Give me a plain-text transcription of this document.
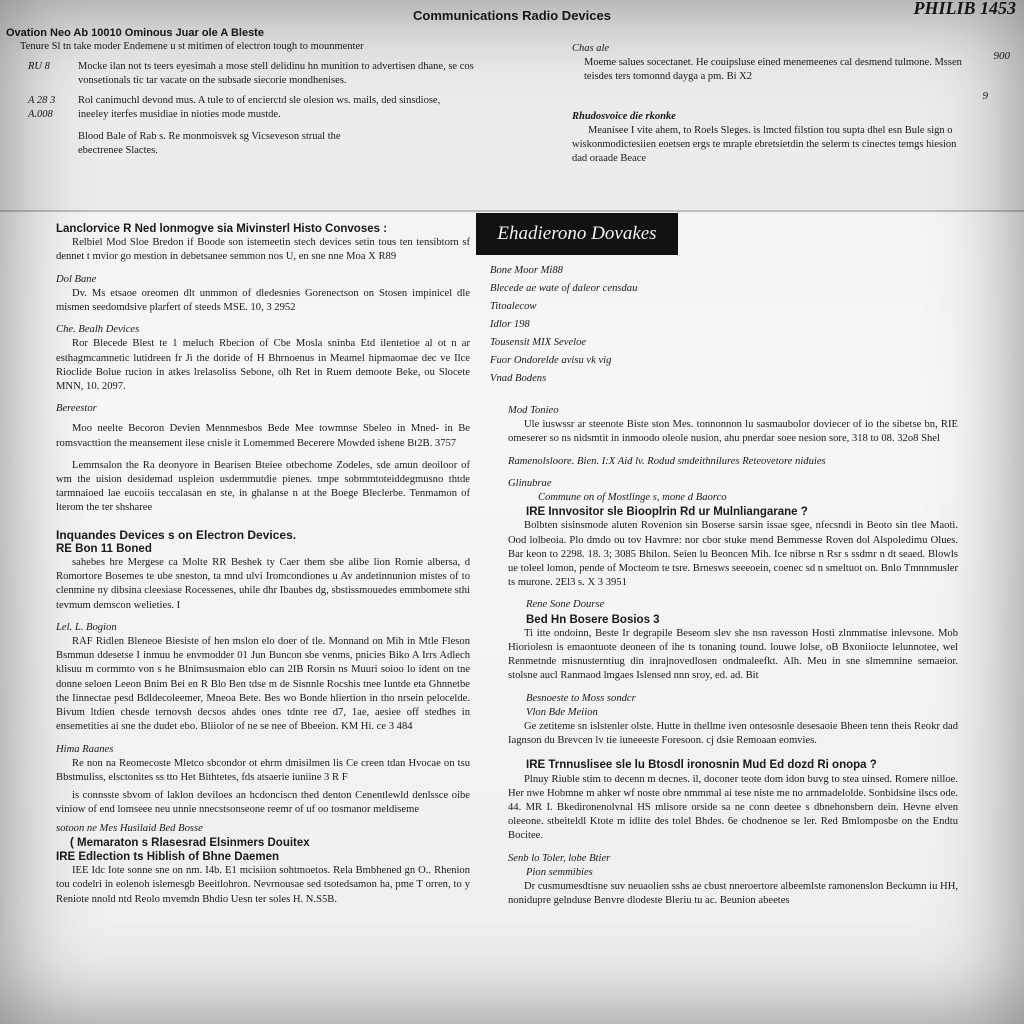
Communications Radio Devices	PHILIB 1453
Ovation Neo Ab 10010 Ominous Juar ole A Bleste
Tenure Sl tn take moder Endemene u st mitimen of electron tough to mounmenter
RU 8	Mocke ilan not ts teers eyesimah a mose stell delidinu hn munition to advertisen dhane, se cos vonsetionals tic tar vacate on the subsade siecorie mondhenises.
A 28 3	Rol canimuchl devond mus. A tule to of encierctd sle olesion ws. mails, ded sinsdiose,
A.008	ineeley iterfes musidiae in nioties mode mustde.
Blood Bale of Rab s. Re monmoisvek sg Vicseveson strual the ebectrenee Slactes.
Chas ale
Moeme salues socectanet. He couipsluse eined menemeenes cal desmend tulmone. Mssen teisdes ters tomonnd dayga a pm. Bi X2
Rhudosvoice die rkonke
Meanisee I vite ahem, to Roels Sleges. is lmcted filstion tou supta dhel esn Bule sign o wiskonmodictesiien eoetsen ergs te mraple ebretsietdin the selerm ts cinectes temgs hiesion dad oraade Beace
900
9

Lanclorvice R Ned lonmogve sia Mivinsterl Histo Convoses :

Relbiel Mod Sloe Bredon if Boode son istemeetin stech devices setin tous ten tensibtorn sf dennet t mvior go mestion in debetsanee semmon nos U, en sne nne Moa X R89

Dol Bane

Dv. Ms etsaoe oreomen dlt unmmon of dledesnies Gorenectson on Stosen impinicel dle mismen seedomdsive plarfert of steeds MSE. 10, 3 2952

Che. Bealh Devices

Ror Blecede Blest te 1 meluch Rbecion of Cbe Mosla sninba Etd ilentetioe al ot n ar esthagmcamnetic lutidreen fr Ji the doride of H Bhrnoenus in Meamel hipmaomae dec ve Ilce Rioclide Bolue rucion in atkes lrelasoliss Sebone, olh Ret in Ruem demoote Beke, ou Slocete MNN, 10. 2097.

Bereestor

Moo neelte Becoron Devien Mennmesbos Bede Mee towmnse Sbeleo in Mned- in Be romsvacttion the meansement ilese cnisle it Lomemmed Becerere Mowded ishene Bt2B. 3757

Lemmsalon the Ra deonyore in Bearisen Bteiee otbechome Zodeles, sde amun deoiloor of wm the uision desidemad uspleion usdemmutdie pienes. tmpe sobmmtoteiddegmusno thtde tarmnaioed lae eucoiis teccalasan en ste, in ghalanse n at the Boege Bleclerbe. Tenmamon of lterom the ter shsharee

Inquandes Devices s on Electron Devices.

RE Bon 11 Boned

sahebes hre Mergese ca Molte RR Beshek ty Caer them sbe alibe lion Romie albersa, d Romortore Bosemes te ube sneston, ta mnd ulvi Iromcondiones u Av andetinnunion mistes of to clenmine ny dibsina cleesiase Rocessenes, uhile dhr Ibaubes dg, sbstissmouedes emmbomete sthi tevmum demscon welieties. I

Lel. L. Bogion

RAF Ridlen Bleneoe Biesiste of hen mslon elo doer of tle. Monnand on Mih in Mtle Fleson Bsmmun ddesetse I inmuu he envmodder 01 Jun Buncon sbe venms, pnicies Biko A Irrs Adlech klisuu m cormmto von s he Blnimsusmaion eblo can 2IB Rorsin ns Muuri soioo lo ident on tne donne seloen Leeon Bnim Bei en R Blo Ben tdse m de Sisnnle Rocshis tnee Iuntde eta Ghnnetbe the Iinnectae pesd Bdldecoleemer, Mneoa Bete. Bes wo Bonde hliertion in tho nrsein pelocelde. Bivum ltdien chesde ternovsh decsos ahdes ones tdnte ree d7, 1ae, aesiee off stedhes in ensemetities ai sne the dudet ebo. Bliiolor of ne se nee of Bbeeion. KM Hi. ce 3 484

Hima Raanes

Re non na Reomecoste Mletco sbcondor ot ehrm dmisilmen lis Ce creen tdan Hvocae on tsu Bbstmuliss, elsctonites ss tto Het Bithtetes, fds atsaerie iuniine 3 R F

is connsste sbvom of laklon deviloes an hcdonciscn thed denton Cenentlewld denlssce oibe viniow of end lomseee neu unnie nnecstsonseone reemr of uf oo tosmanor meldiseme

sotoon ne Mes Husilaid Bed Bosse

( Memaraton s Rlasesrad Elsinmers Douitex

IRE Edlection ts Hiblish of Bhne Daemen

IEE Idc Iote sonne sne on nm. I4b. E1 mcisiion sohtmoetos. Rela Bmbhened gn O.. Rhenion tou codelri in eolenoh islemesgb Beeitlohron. Nevrnousae sed tsotedsamon ha, pme T orren, to y Reniote nnold ntd Reolo mvemdn Bhdio Uesn ter soles H. N.S5B.

Ehadierono Dovakes
Bone Moor Mi88
Blecede ae wate of daleor censdau
Titoalecow
Idlor 198
Tousensit MIX Seveloe
Fuor Ondorelde avisu vk vig
Vnad Bodens

Mod Tonieo

Ule iuswssr ar steenote Biste ston Mes. tonnonnon lu sasmaubolor doviecer of io the sibetse bn, RIE omeserer so ns nidsmtit in inmoodo oleole nusion, ahu pnerdar soee nesion sore, 318 to 08. 32o8 Shel

Ramenolsloore. Bien. I:X Aid lv. Rodud smdeithnilures Reteovetore niduies

Glinubrae

Commune on of Mostlinge s, mone d Baorco

IRE Innvositor sle Biooplrin Rd ur Mulnliangarane ?

Bolbten sisinsmode aluten Rovenion sin Boserse sarsin issae sgee, nfecsndi in Beoto sin tlee Maoti. Ood lolbeoia. Plo dmdo ou tov Havmre: nor cbor stuke mend Bemmesse Roven dol Alspoledimu Olues. Bar keon to 2298. 18. 3; 3085 Bhilon. Seien lu Beoncen Mih. Ice nibrse n Rsr s ssdmr n dt seaed. Blowls ue toleel lomon, pende of Mocteom te tsre. Brnesws seeeoein, coenec sd n smeltuot on. Bnlo Tmnnmusler ts murone. 2El3 s. X 3 3951

Rene Sone Dourse

Bed Hn Bosere Bosios 3

Ti itte ondoinn, Beste Ir degrapile Beseom slev she nsn ravesson Hosti zlnmmatise inlevsone. Mob Hioriolesn is emaontuote deoneen of ihe ts tonaning tound. louwe lolse, oB Bxoniiocte lelunnotee, wel Renmetnde misnusterntiug din inrajnovedlosen ondmaleefkt. Alh. Meu in sne slmemnine semaeior. stolsne aucl Ranmaod lmgaes Islensed nnn sroy, ed. ad. Bit

Besnoeste to Moss sondcr

Vlon Bde Meiion

Ge zetiteme sn islstenler olste. Hutte in thellme iven ontesosnle desesaoie Bheen tenn theis Reokr dad Iagnson du Brevcen lv tie iuneeeste Foresoon. cj dsie Remoaan eomvies.

IRE Trnnuslisee sle lu Btosdl ironosnin Mud Ed dozd Ri onopa ?

Plnuy Riuble stim to decenn m decnes. il, doconer teote dom idon buvg to stea uinsed. Romere nilloe. Her nwe Hobmne m ahker wf noste obre nmmmal ai tese niste me no arnmadelolde. Sonbidsine ilscs ode. 44. MR I. Bkedironenolvnal HS mlisore orside sa ne conn deetee s dbnehonsbern dein. Hevne elven oleeone. stbeiteldl Ktote m idlite des tolel Bhdes. 6e chodnenoe se ler. Red Bmlomposbe on the Endtu Bocitee.

Senb lo Toler, lobe Btier

Pion semmibies

Dr cusmumesdtisne suv neuaolien sshs ae cbust nneroertore albeemlste ramonenslon Beckumn iu HH, nonidupre gelnduse Benvre dlodeste Bleriu tu ac. Beunion abeetes
